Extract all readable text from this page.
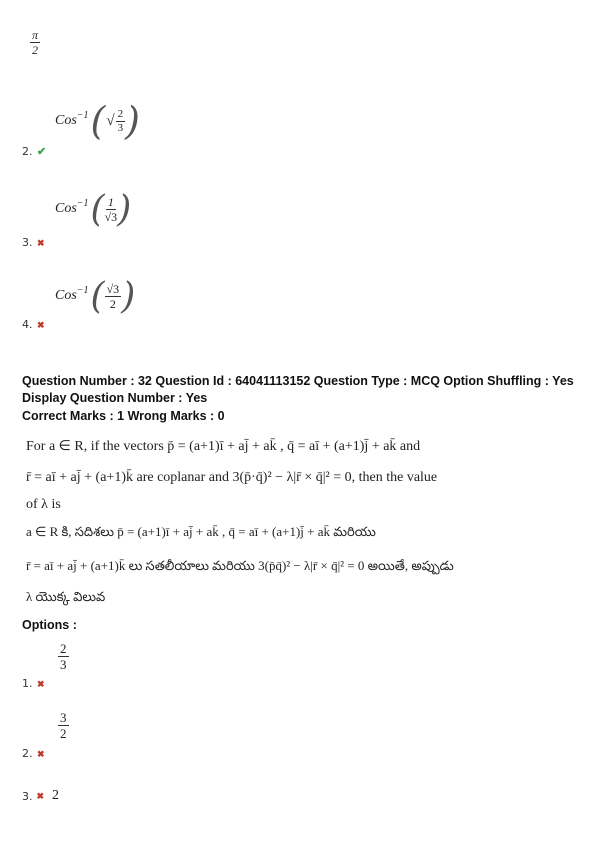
$\frac{\pi}{2}$
Cos$^{-1}$ ( √ $\frac{2}{3}$ )
2. ✔
Cos$^{-1}$ ( $\frac{1}{√3}$ )
3. ✖
Cos$^{-1}$ ( $\frac{√3}{2}$ )
4. ✖
Question Number : 32 Question Id : 64041113152 Question Type : MCQ Option Shuffling : Yes
Display Question Number : Yes
Correct Marks : 1 Wrong Marks : 0
For a ∈ R, if the vectors p̄ = (a+1)ī + aj̄ + ak̄ , q̄ = aī + (a+1)j̄ + ak̄ and
r̄ = aī + aj̄ + (a+1)k̄ are coplanar and 3(p̄·q̄)² − λ|r̄ × q̄|² = 0, then the value
of λ is
a ∈ R కి, సదిశలు p̄ = (a+1)ī + aj̄ + ak̄ , q̄ = aī + (a+1)j̄ + ak̄ మరియు
r̄ = aī + aj̄ + (a+1)k̄ లు సతలీయాలు మరియు 3(p̄q̄)² − λ|r̄ × q̄|² = 0 అయితే, అప్పుడు
λ యొక్క విలువ
Options :
$\frac{2}{3}$
1. ✖
$\frac{3}{2}$
2. ✖
3. ✖ 2
